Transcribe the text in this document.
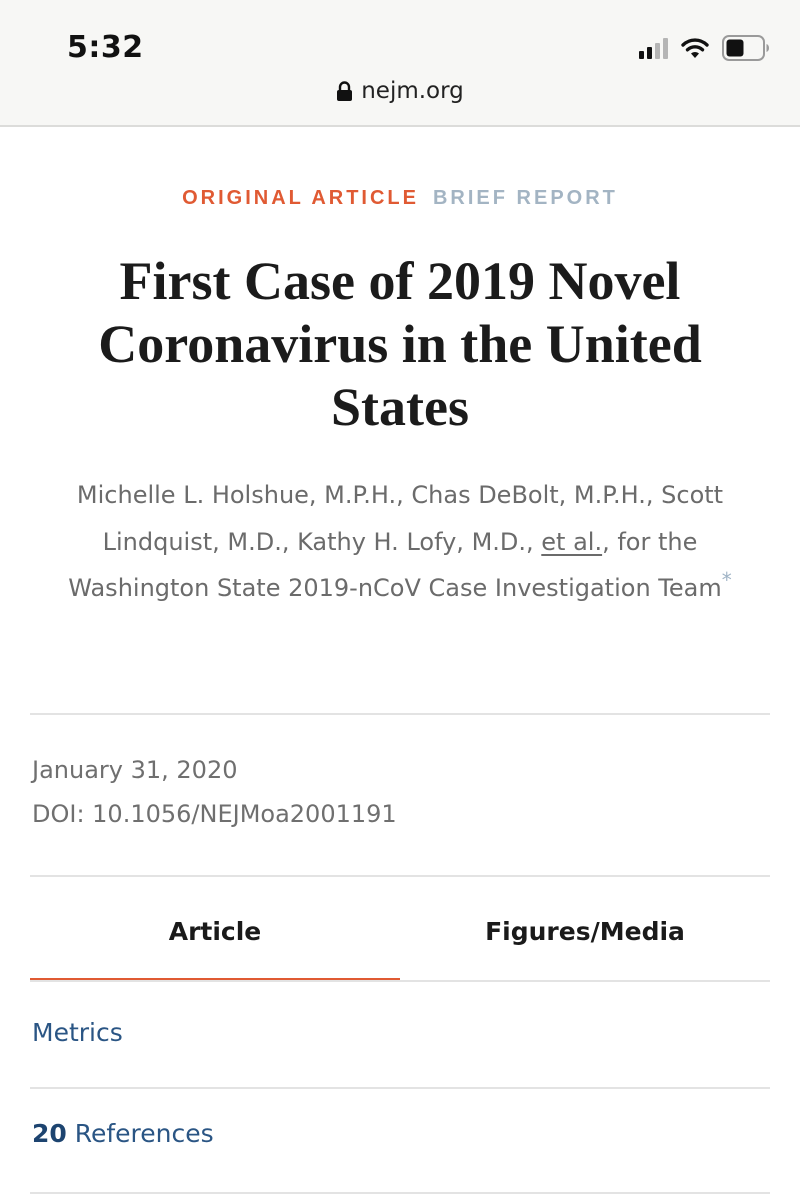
5:32
nejm.org
ORIGINAL ARTICLE BRIEF REPORT
First Case of 2019 Novel Coronavirus in the United States
Michelle L. Holshue, M.P.H., Chas DeBolt, M.P.H., Scott Lindquist, M.D., Kathy H. Lofy, M.D., et al., for the Washington State 2019-nCoV Case Investigation Team*
January 31, 2020
DOI: 10.1056/NEJMoa2001191
Article	Figures/Media
Metrics
20 References
